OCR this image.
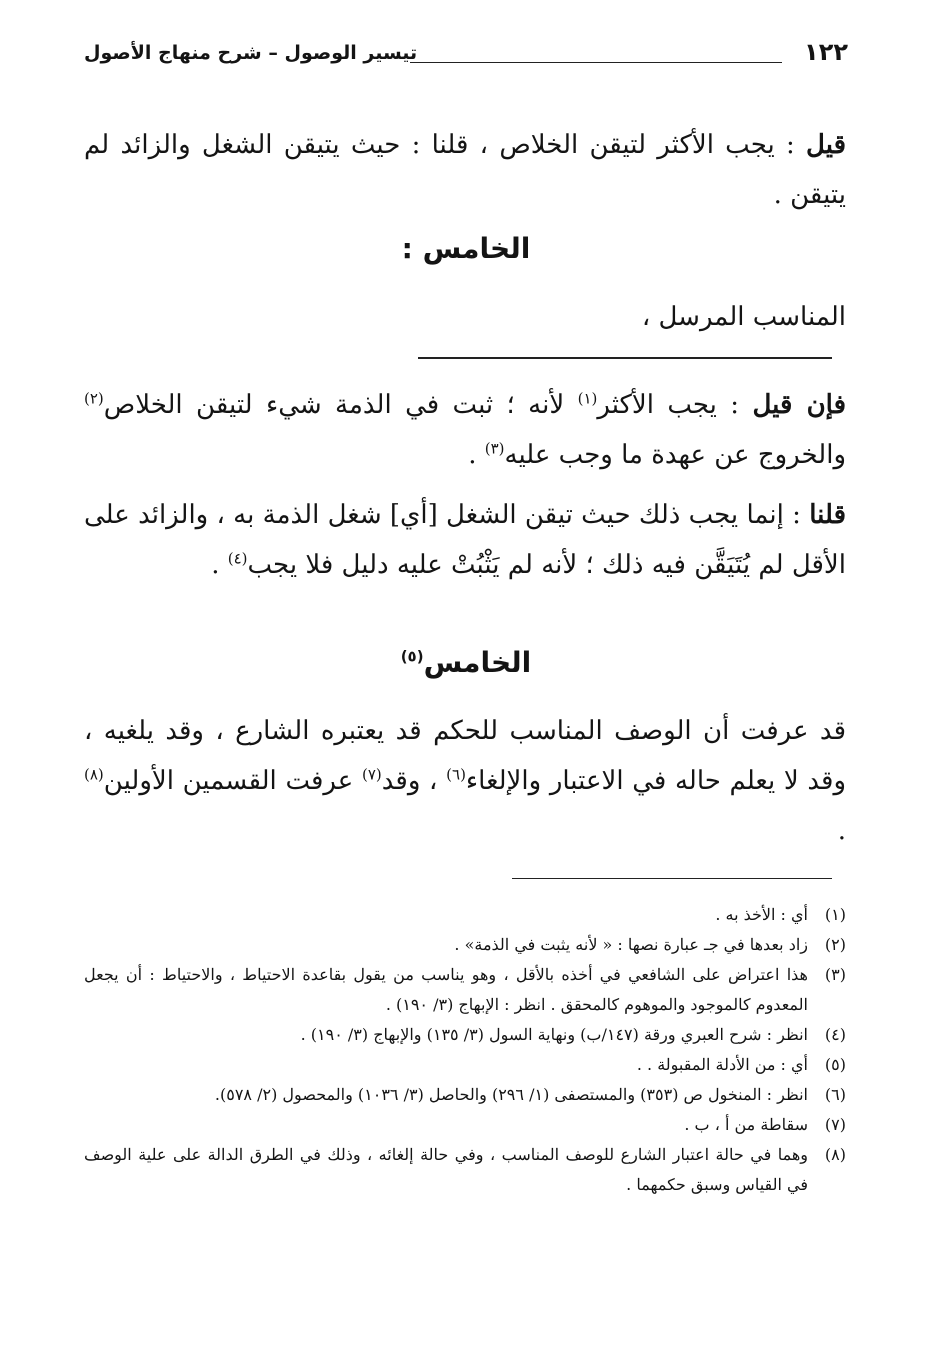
١٢٢
تيسير الوصول – شرح منهاج الأصول
قيل : يجب الأكثر لتيقن الخلاص ، قلنا : حيث يتيقن الشغل والزائد لم يتيقن .
الخامس :
المناسب المرسل ،
فإن قيل : يجب الأكثر$^{(١)}$ لأنه ؛ ثبت في الذمة شيء لتيقن الخلاص$^{(٢)}$ والخروج عن عهدة ما وجب عليه$^{(٣)}$ .
قلنا : إنما يجب ذلك حيث تيقن الشغل [أي] شغل الذمة به ، والزائد على الأقل لم يُتَيَقَّن فيه ذلك ؛ لأنه لم يَثْبُتْ عليه دليل فلا يجب$^{(٤)}$ .
الخامس$^{(٥)}$
قد عرفت أن الوصف المناسب للحكم قد يعتبره الشارع ، وقد يلغيه ، وقد لا يعلم حاله في الاعتبار والإلغاء$^{(٦)}$ ، وقد$^{(٧)}$ عرفت القسمين الأولين$^{(٨)}$ .
(١)
أي : الأخذ به .
(٢)
زاد بعدها في جـ عبارة نصها : « لأنه يثبت في الذمة» .
(٣)
هذا اعتراض على الشافعي في أخذه بالأقل ، وهو يناسب من يقول بقاعدة الاحتياط ، والاحتياط : أن يجعل المعدوم كالموجود والموهوم كالمحقق . انظر : الإبهاج (٣/ ١٩٠) .
(٤)
انظر : شرح العبري ورقة (١٤٧/ب) ونهاية السول (٣/ ١٣٥) والإبهاج (٣/ ١٩٠) .
(٥)
أي : من الأدلة المقبولة . .
(٦)
انظر : المنخول ص (٣٥٣) والمستصفى (١/ ٢٩٦) والحاصل (٣/ ١٠٣٦) والمحصول (٢/ ٥٧٨).
(٧)
سقاطة من أ ، ب .
(٨)
وهما في حالة اعتبار الشارع للوصف المناسب ، وفي حالة إلغائه ، وذلك في الطرق الدالة على علية الوصف في القياس وسبق حكمهما .
